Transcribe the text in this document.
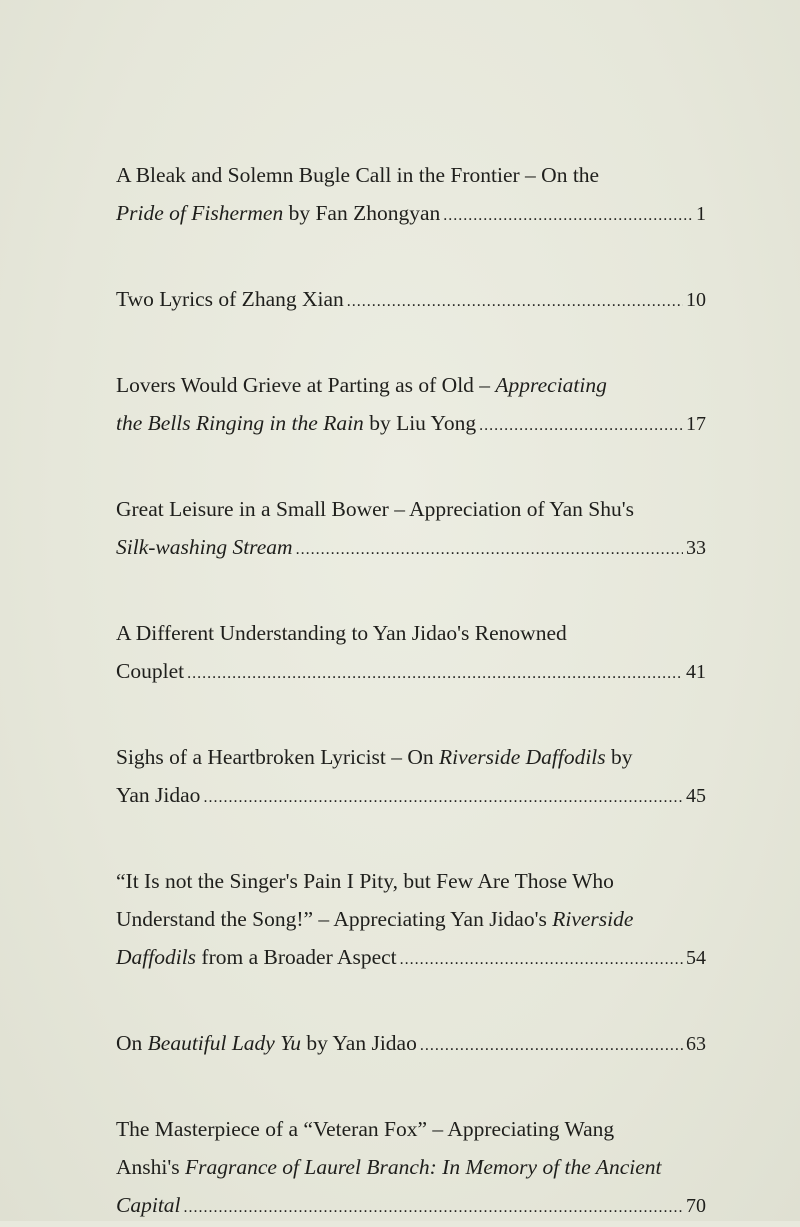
A Bleak and Solemn Bugle Call in the Frontier – On the
Pride of Fishermen by Fan Zhongyan .....	1
Two Lyrics of Zhang Xian .....	10
Lovers Would Grieve at Parting as of Old – Appreciating
the Bells Ringing in the Rain by Liu Yong .....	17
Great Leisure in a Small Bower – Appreciation of Yan Shu's
Silk-washing Stream .....	33
A Different Understanding to Yan Jidao's Renowned
Couplet .....	41
Sighs of a Heartbroken Lyricist – On Riverside Daffodils by
Yan Jidao .....	45
“It Is not the Singer's Pain I Pity, but Few Are Those Who
Understand the Song!” – Appreciating Yan Jidao's Riverside
Daffodils from a Broader Aspect .....	54
On Beautiful Lady Yu by Yan Jidao .....	63
The Masterpiece of a “Veteran Fox” – Appreciating Wang
Anshi's Fragrance of Laurel Branch: In Memory of the Ancient
Capital .....	70
